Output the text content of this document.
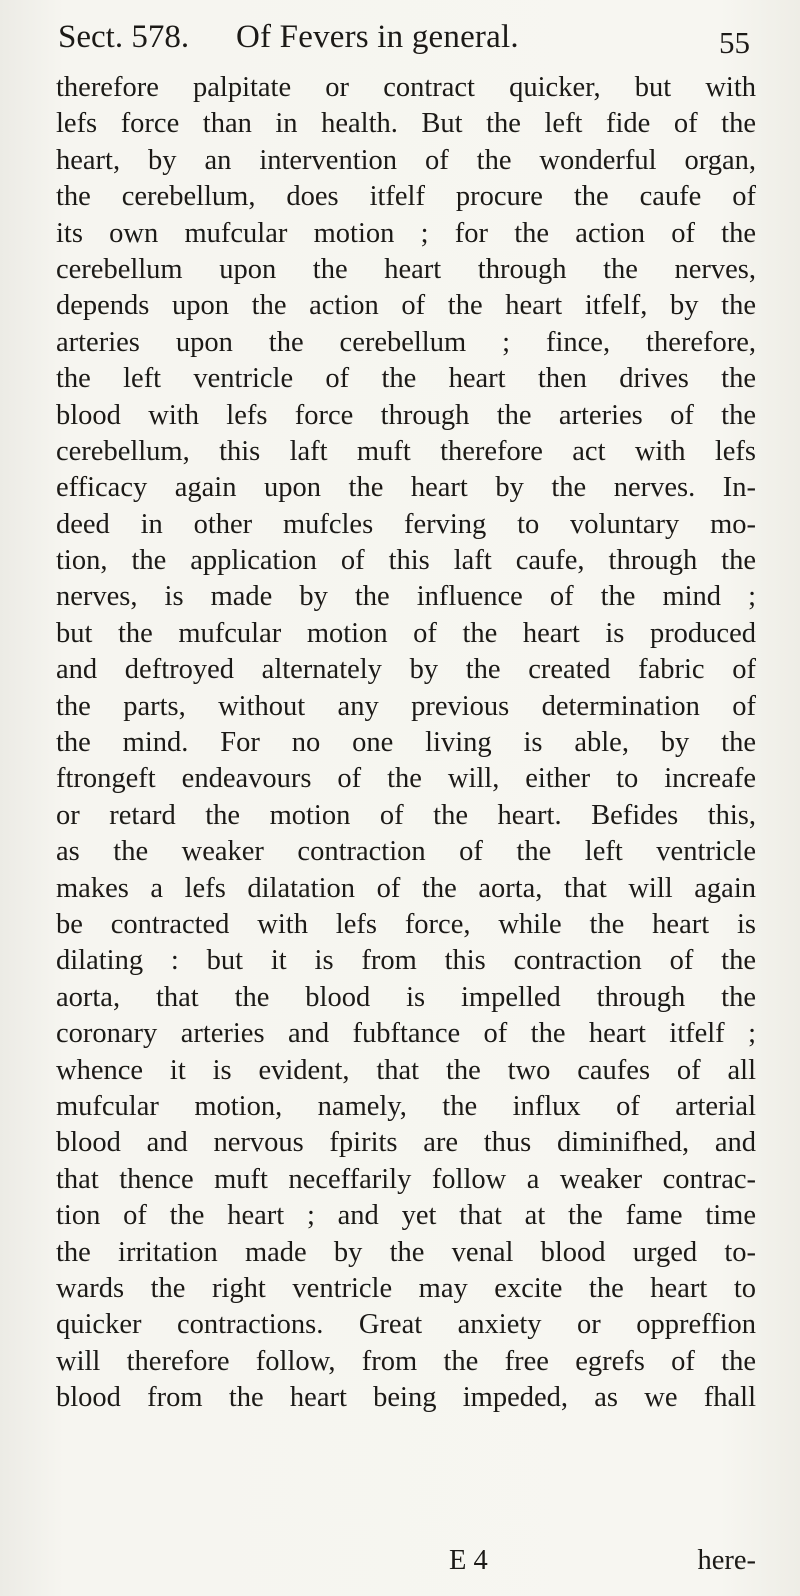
Sect. 578. Of Fevers in general.	55
therefore palpitate or contract quicker, but with
lefs force than in health. But the left fide of the
heart, by an intervention of the wonderful organ,
the cerebellum, does itfelf procure the caufe of
its own mufcular motion ; for the action of the
cerebellum upon the heart through the nerves,
depends upon the action of the heart itfelf, by the
arteries upon the cerebellum ; fince, therefore,
the left ventricle of the heart then drives the
blood with lefs force through the arteries of the
cerebellum, this laft muft therefore act with lefs
efficacy again upon the heart by the nerves. In-
deed in other mufcles ferving to voluntary mo-
tion, the application of this laft caufe, through the
nerves, is made by the influence of the mind ;
but the mufcular motion of the heart is produced
and deftroyed alternately by the created fabric of
the parts, without any previous determination of
the mind. For no one living is able, by the
ftrongeft endeavours of the will, either to increafe
or retard the motion of the heart. Befides this,
as the weaker contraction of the left ventricle
makes a lefs dilatation of the aorta, that will again
be contracted with lefs force, while the heart is
dilating : but it is from this contraction of the
aorta, that the blood is impelled through the
coronary arteries and fubftance of the heart itfelf ;
whence it is evident, that the two caufes of all
mufcular motion, namely, the influx of arterial
blood and nervous fpirits are thus diminifhed, and
that thence muft neceffarily follow a weaker contrac-
tion of the heart ; and yet that at the fame time
the irritation made by the venal blood urged to-
wards the right ventricle may excite the heart to
quicker contractions. Great anxiety or oppreffion
will therefore follow, from the free egrefs of the
blood from the heart being impeded, as we fhall
E 4	here-
